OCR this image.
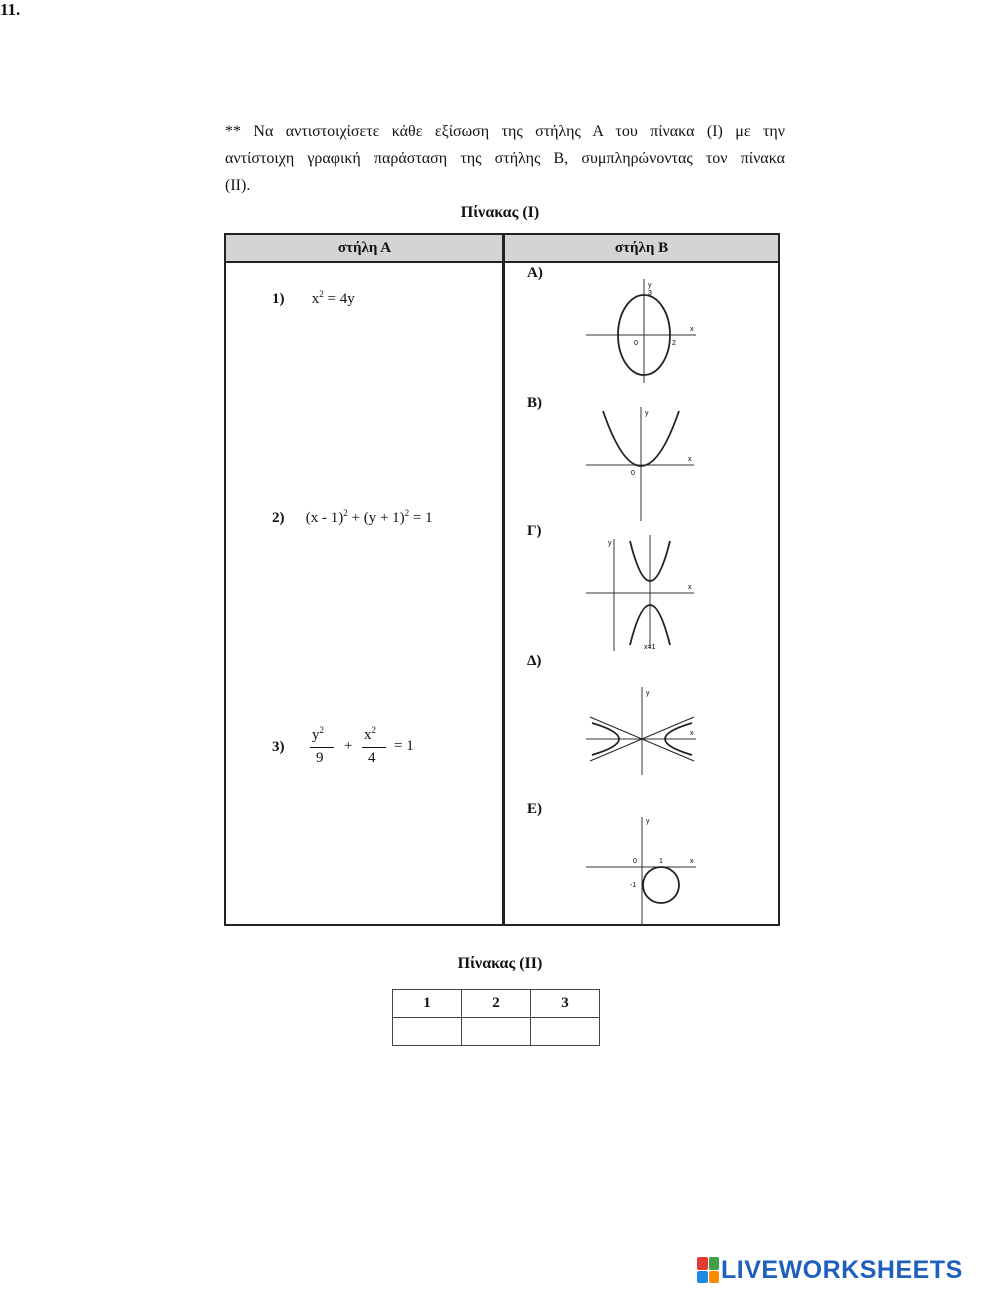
11.
** Να αντιστοιχίσετε κάθε εξίσωση της στήλης Α του πίνακα (Ι) με την
αντίστοιχη γραφική παράσταση της στήλης Β, συμπληρώνοντας τον πίνακα
(ΙΙ).
Πίνακας (Ι)
στήλη Α	στήλη Β
1) $x^2 = 4y$
2) $(x - 1)^2 + (y + 1)^2 = 1$
3)
$y^2$
9
+
$x^2$
4
= 1
Α)
y
3
x
0	2
Β)
y
x
0
Γ)
y
x
x=1
Δ)
y
x
Ε)
y
x
0	1
-1
Πίνακας (ΙΙ)
1	2	3

LIVEWORKSHEETS
